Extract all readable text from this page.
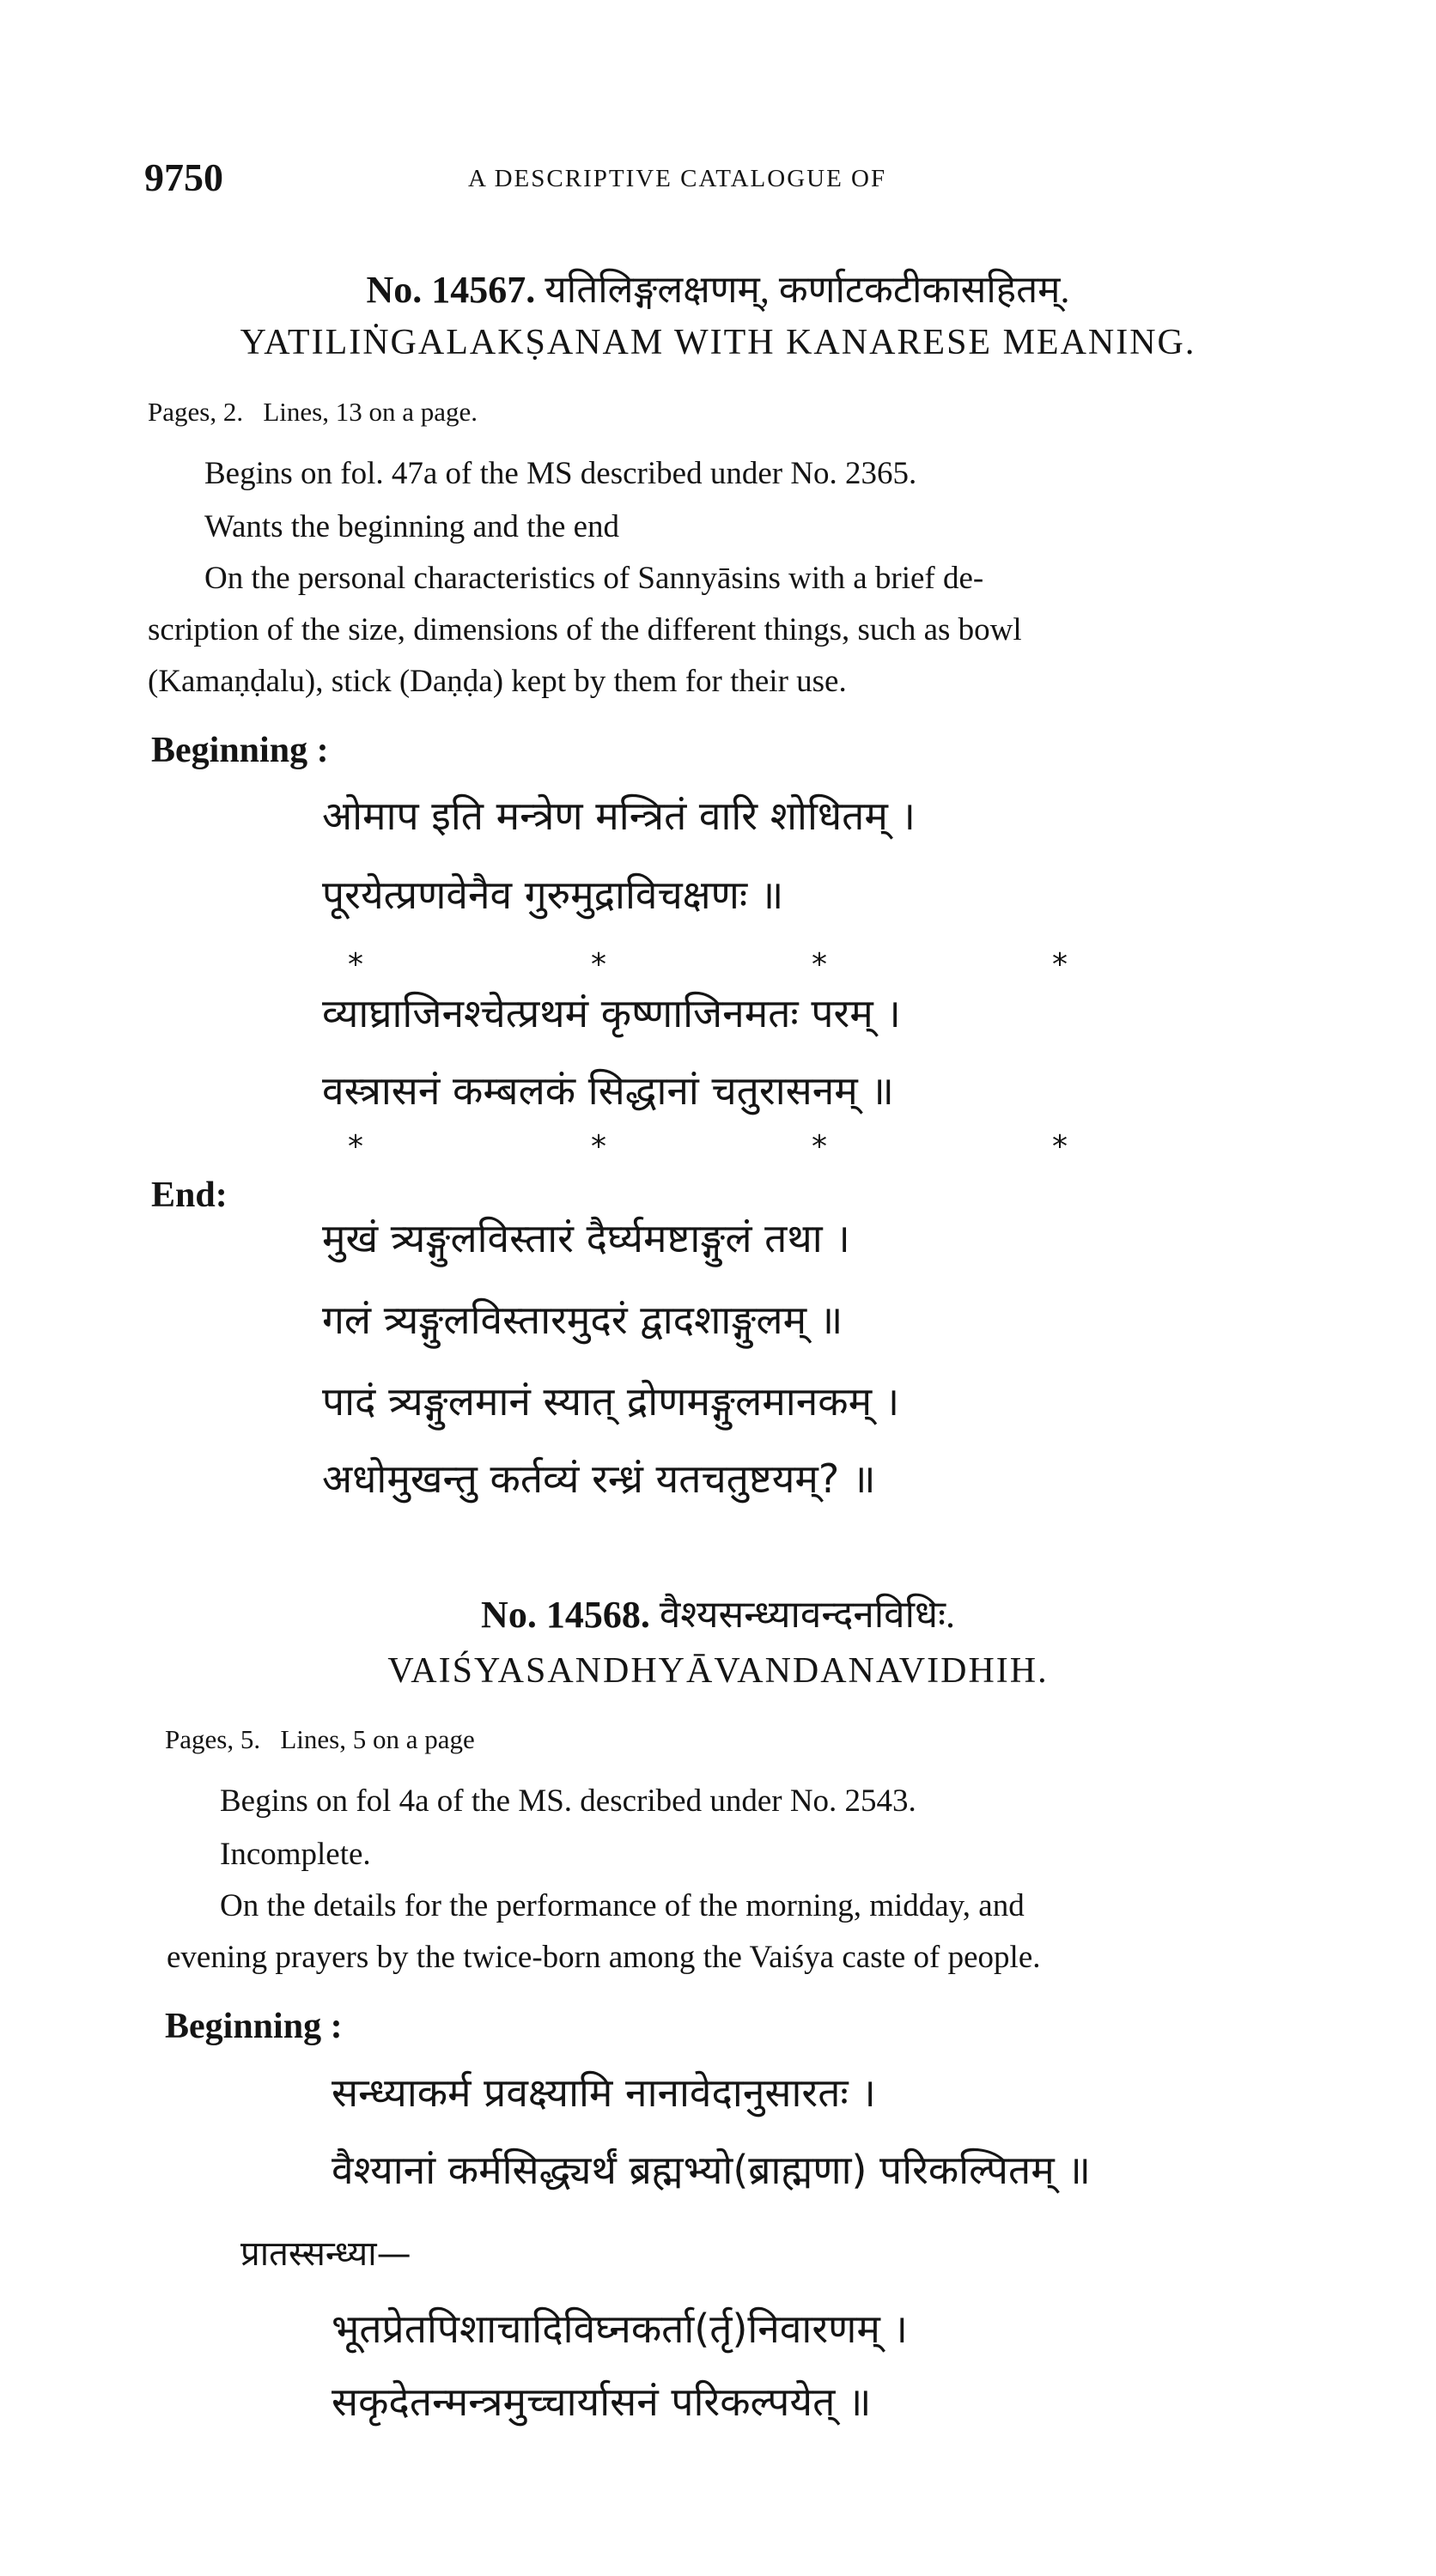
9750	A DESCRIPTIVE CATALOGUE OF
No. 14567. यतिलिङ्गलक्षणम्, कर्णाटकटीकासहितम्.
YATILIṄGALAKṢANAM WITH KANARESE MEANING.
Pages, 2. Lines, 13 on a page.
Begins on fol. 47a of the MS described under No. 2365.
Wants the beginning and the end
On the personal characteristics of Sannyāsins with a brief de-
scription of the size, dimensions of the different things, such as bowl
(Kamaṇḍalu), stick (Daṇḍa) kept by them for their use.
Beginning :
ओमाप इति मन्त्रेण मन्त्रितं वारि शोधितम् ।
पूरयेत्प्रणवेनैव गुरुमुद्राविचक्षणः ॥
*	*	*	*
व्याघ्राजिनश्चेत्प्रथमं कृष्णाजिनमतः परम् ।
वस्त्रासनं कम्बलकं सिद्धानां चतुरासनम् ॥
*	*	*	*
End:
मुखं त्र्यङ्गुलविस्तारं दैर्घ्यमष्टाङ्गुलं तथा ।
गलं त्र्यङ्गुलविस्तारमुदरं द्वादशाङ्गुलम् ॥
पादं त्र्यङ्गुलमानं स्यात् द्रोणमङ्गुलमानकम् ।
अधोमुखन्तु कर्तव्यं रन्ध्रं यतचतुष्टयम्? ॥
No. 14568. वैश्यसन्ध्यावन्दनविधिः.
VAIŚYASANDHYĀVANDANAVIDHIH.
Pages, 5. Lines, 5 on a page
Begins on fol 4a of the MS. described under No. 2543.
Incomplete.
On the details for the performance of the morning, midday, and
evening prayers by the twice-born among the Vaiśya caste of people.
Beginning :
सन्ध्याकर्म प्रवक्ष्यामि नानावेदानुसारतः ।
वैश्यानां कर्मसिद्ध्यर्थं ब्रह्मभ्यो(ब्राह्मणा) परिकल्पितम् ॥
प्रातस्सन्ध्या—
भूतप्रेतपिशाचादिविघ्नकर्ता(र्तृ)निवारणम् ।
सकृदेतन्मन्त्रमुच्चार्यासनं परिकल्पयेत् ॥
